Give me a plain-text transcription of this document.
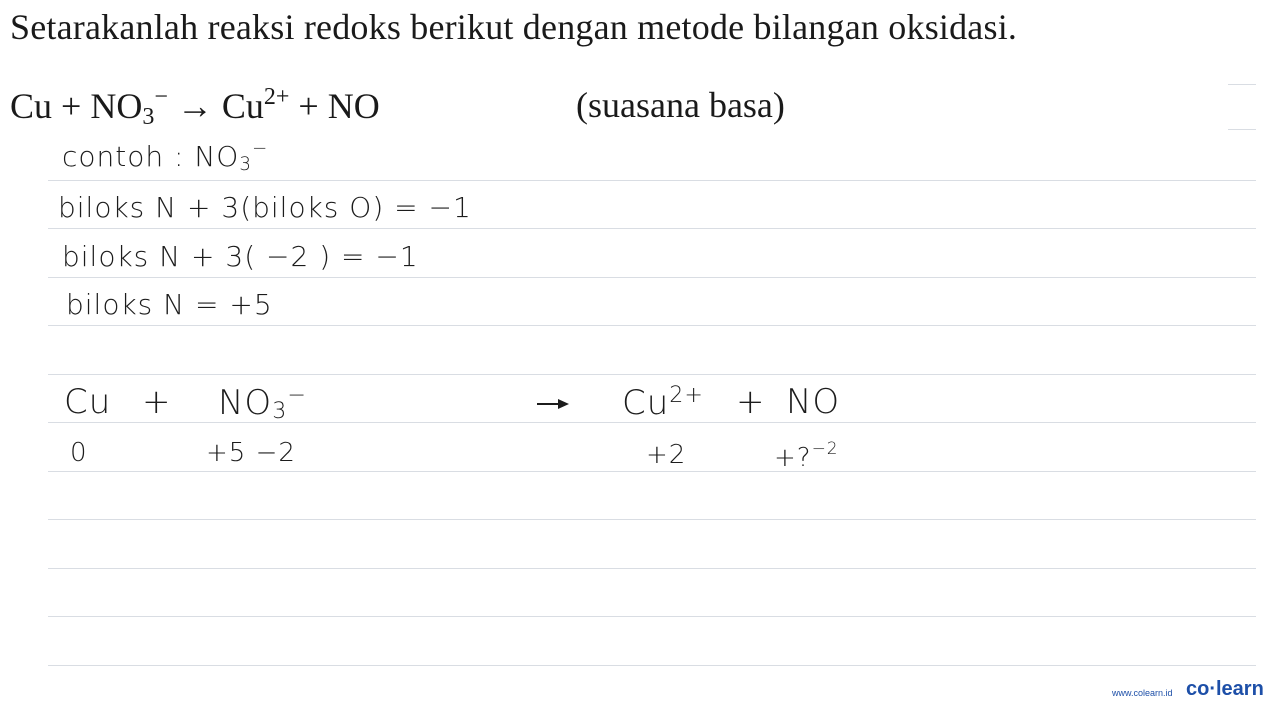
Setarakanlah reaksi redoks berikut dengan metode bilangan oksidasi.
$Cu + NO_3^- \to Cu^{2+}$ + NO	(suasana basa)
contoh : $NO_3^-$
biloks N + 3(biloks O) = −1
biloks N + 3( −2 ) = −1
biloks N = +5
$Cu + NO_3^-$	$Cu^{2+}$ + NO
0	+5 −2	+2	+?$^{-2}$
www.colearn.id co·learn
